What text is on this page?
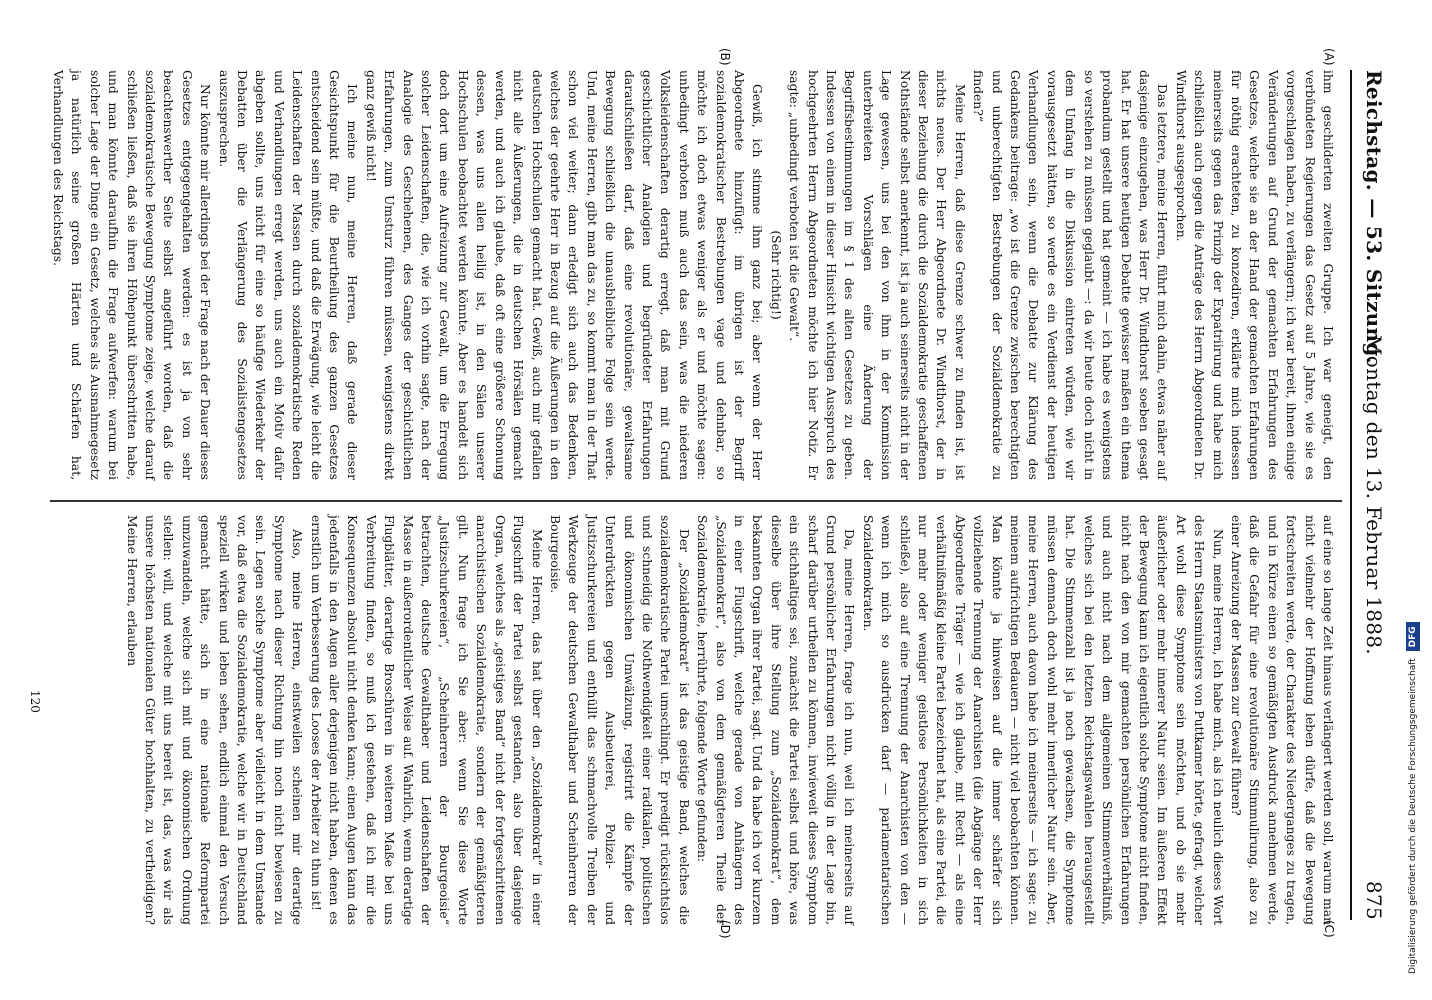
Reichstag. — 53. Sitzung.
Montag den 13. Februar 1888.
875
(A)
(B)
(C)
(D)

ihm geschilderten zweiten Gruppe. Ich war geneigt, den verbündeten Regierungen das Gesetz auf 5 Jahre, wie sie es vorgeschlagen haben, zu verlängern; ich war bereit, ihnen einige Veränderungen auf Grund der gemachten Erfahrungen des Gesetzes, welche sie an der Hand der gemachten Erfahrungen für nöthig erachteten, zu konzediren, erklärte mich indessen meinerseits gegen das Prinzip der Expatriirung und habe mich schließlich auch gegen die Anträge des Herrn Abgeordneten Dr. Windthorst ausgesprochen.

Das letztere, meine Herren, führt mich dahin, etwas näher auf dasjenige einzugehen, was Herr Dr. Windthorst soeben gesagt hat. Er hat unsere heutigen Debatte gewisser maßen ein thema probandum gestellt und hat gemeint — ich habe es wenigstens so verstehen zu müssen geglaubt —: da wir heute doch nicht in dem Umfang in die Diskussion eintreten würden, wie wir vorausgesetzt hätten, so werde es ein Verdienst der heutigen Verhandlungen sein, wenn die Debatte zur Klärung des Gedankens beitrage: „wo ist die Grenze zwischen berechtigten und unberechtigten Bestrebungen der Sozialdemokratie zu finden?“

Meine Herren, daß diese Grenze schwer zu finden ist, ist nichts neues. Der Herr Abgeordnete Dr. Windthorst, der in dieser Beziehung die durch die Sozialdemokratie geschaffenen Nothstände selbst anerkennt, ist ja auch seinerseits nicht in der Lage gewesen, uns bei den von ihm in der Kommission unterbreiteten Vorschlägen eine Änderung der Begriffsbestimmungen im § 1 des alten Gesetzes zu geben. Indessen von einem in dieser Hinsicht wichtigen Ausspruch des hochgeehrten Herrn Abgeordneten möchte ich hier Notiz. Er sagte: „unbedingt verboten ist die Gewalt“.

(Sehr richtig!)

Gewiß, ich stimme ihm ganz bei; aber wenn der Herr Abgeordnete hinzufügt: im übrigen ist der Begriff sozialdemokratischer Bestrebungen vage und dehnbar, so möchte ich doch etwas weniger als er und möchte sagen: unbedingt verboten muß auch das sein, was die niederen Volksleidenschaften derartig erregt, daß man mit Grund geschichtlicher Analogien und begründeter Erfahrungen daraufschließen darf, daß eine revolutionäre, gewaltsame Bewegung schließlich die unausbleibliche Folge sein werde. Und, meine Herren, gibt man das zu, so kommt man in der That schon viel weiter; dann erledigt sich auch das Bedenken, welches der geehrte Herr in Bezug auf die Äußerungen in den deutschen Hochschulen gemacht hat. Gewiß, auch mir gefallen nicht alle Äußerungen, die in deutschen Hörsälen gemacht werden, und auch ich glaube, daß oft eine größere Schonung dessen, was uns allen heilig ist, in den Sälen unserer Hochschulen beobachtet werden könnte. Aber es handelt sich doch dort um eine Aufreizung zur Gewalt, um die Erregung solcher Leidenschaften, die, wie ich vorhin sagte, nach der Analogie des Geschehenen, des Ganges der geschichtlichen Erfahrungen, zum Umsturz führen müssen, wenigstens direkt ganz gewiß nicht!

Ich meine nun, meine Herren, daß gerade dieser Gesichtspunkt für die Beurtheilung des ganzen Gesetzes entscheidend sein müßte, und daß die Erwägung, wie leicht die Leidenschaften der Massen durch sozialdemokratische Reden und Verhandlungen erregt werden, uns auch ein Motiv dafür abgeben sollte, uns nicht für eine so häufige Wiederkehr der Debatten über die Verlängerung des Sozialistengesetzes auszusprechen.

Nur könnte mir allerdings bei der Frage nach der Dauer dieses Gesetzes entgegengehalten werden: es ist ja von sehr beachtenswerther Seite selbst angeführt worden, daß die sozialdemokratische Bewegung Symptome zeige, welche darauf schließen ließen, daß sie ihren Höhepunkt überschritten habe, und man könnte daraufhin die Frage aufwerfen: warum bei solcher Lage der Dinge ein Gesetz, welches als Ausnahmegesetz ja natürlich seine großen Härten und Schärfen hat, Verhandlungen des Reichstags.

auf eine so lange Zeit hinaus verlängert werden soll, warum man nicht vielmehr der Hoffnung leben dürfe, daß die Bewegung fortschreiten werde, der Charakter des Niederganges zu tragen, und in Kürze einen so gemäßigten Ausdruck annehmen werde, daß die Gefahr für eine revolutionäre Stimmulirung, also zu einer Anreizung der Massen zur Gewalt führen?

Nun, meine Herren, ich habe mich, als ich neulich dieses Wort des Herrn Staatsministers von Puttkamer hörte, gefragt, welcher Art wohl diese Symptome sein möchten, und ob sie mehr äußerlicher oder mehr innerer Natur seien. Im äußeren Effekt der Bewegung kann ich eigentlich solche Symptome nicht finden, nicht nach den von mir gemachten persönlichen Erfahrungen und auch nicht nach dem allgemeinen Stimmenverhältniß, welches sich bei den letzten Reichstagswahlen herausgestellt hat. Die Stimmenzahl ist ja noch gewachsen, die Symptome müssen demnach doch wohl mehr innerlicher Natur sein. Aber, meine Herren, auch davon habe ich meinerseits — ich sage: zu meinem aufrichtigen Bedauern — nicht viel beobachten können. Man könnte ja hinweisen auf die immer schärfer sich vollziehende Trennung der Anarchisten (die Abgänge der Herr Abgeordnete Träger — wie ich glaube, mit Recht — als eine verhältnißmäßig kleine Partei bezeichnet hat, als eine Partei, die nur mehr oder weniger geistlose Persönlichkeiten in sich schließe), also auf eine Trennung der Anarchisten von den — wenn ich mich so ausdrücken darf — parlamentarischen Sozialdemokraten.

Da, meine Herren, frage ich nun, weil ich meinerseits auf Grund persönlicher Erfahrungen nicht völlig in der Lage bin, scharf darüber urtheilen zu können, inwieweit dieses Symptom ein stichhaltiges sei, zunächst die Partei selbst und höre, was dieselbe über ihre Stellung zum „Sozialdemokrat“, dem bekannten Organ ihrer Partei, sagt. Und da habe ich vor kurzem in einer Flugschrift, welche gerade von Anhängern des „Sozialdemokrat“, also von dem gemäßigteren Theile der Sozialdemokratie, herrührte, folgende Worte gefunden:

Der „Sozialdemokrat“ ist das geistige Band, welches die sozialdemokratische Partei umschlingt. Er predigt rücksichtslos und schneidig die Nothwendigkeit einer radikalen, politischen und ökonomischen Umwälzung, registrirt die Kämpfe der Unterdrückten gegen Ausbeuterei, Polizei- und Justizschurkereien und enthüllt das schmachvolle Treiben der Werkzeuge der deutschen Gewalthaber und Scheinherren der Bourgeoisie.

Meine Herren, das hat über den „Sozialdemokrat“ in einer Flugschrift der Partei selbst gestanden, also über dasjenige Organ, welches als „geistiges Band“ nicht der fortgeschrittenen anarchistischen Sozialdemokratie, sondern der gemäßigteren gilt. Nun frage ich Sie aber: wenn Sie diese Worte „Justizschurkereien“, „Scheinherren der Bourgeoisie“ betrachten, deutsche Gewalthaber und Leidenschaften der Masse in außerordentlicher Weise auf. Wahrlich, wenn derartige Flugblätter, derartige Broschüren in weiterem Maße bei uns Verbreitung finden, so muß ich gestehen, daß ich mir die Konsequenzen absolut nicht denken kann; einen Augen kann das jedenfalls in den Augen aller derjenigen nicht haben, denen es ernstlich um Verbesserung des Looses der Arbeiter zu thun ist!

Also, meine Herren, einstweilen scheinen mir derartige Symptome nach dieser Richtung hin noch nicht bewiesen zu sein. Legen solche Symptome aber vielleicht in dem Umstande vor, daß etwa die Sozialdemokratie, welche wir in Deutschland speziell wirken und leben sehen, endlich einmal den Versuch gemacht hätte, sich in eine nationale Reformpartei umzuwandeln, welche sich mit und ökonomischen Ordnung stellen: will, und welche mit uns bereit ist, das, was wir als unsere höchsten nationalen Güter hochhalten, zu vertheidigen? Meine Herren, erlauben

120	Digitalisierung gefördert durch die Deutsche Forschungsgemeinschaft DFG
